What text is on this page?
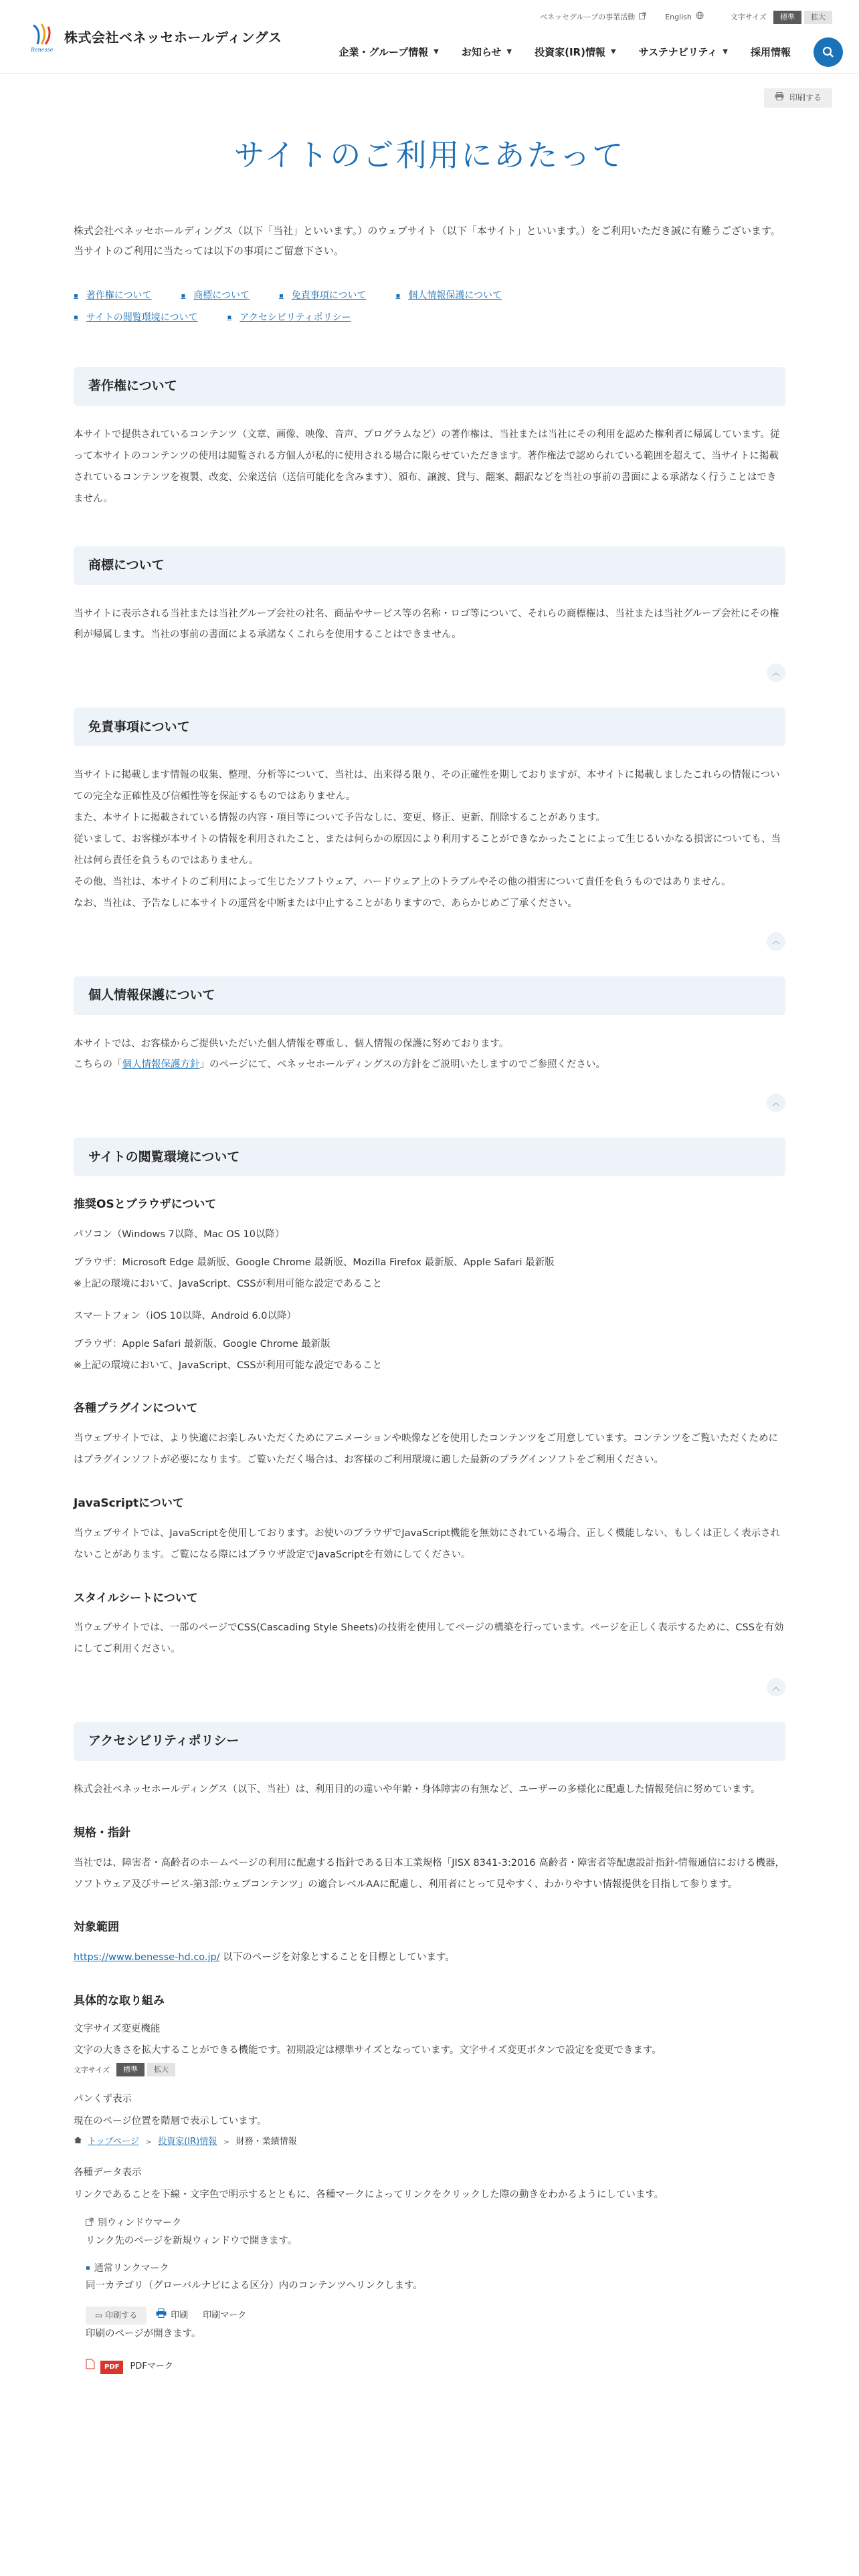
Benesse
株式会社ベネッセホールディングス
ベネッセグループの事業活動	English	文字サイズ	標準	拡大
企業・グループ情報 ▼ お知らせ ▼ 投資家(IR)情報 ▼ サステナビリティ ▼ 採用情報
印刷する
サイトのご利用にあたって

株式会社ベネッセホールディングス（以下「当社」といいます。）のウェブサイト（以下「本サイト」といいます。）をご利用いただき誠に有難うございます。当サイトのご利用に当たっては以下の事項にご留意下さい。

▪ 著作権について	▪ 商標について	▪ 免責事項について	▪ 個人情報保護について
▪ サイトの閲覧環境について	▪ アクセシビリティポリシー
著作権について

本サイトで提供されているコンテンツ（文章、画像、映像、音声、プログラムなど）の著作権は、当社または当社にその利用を認めた権利者に帰属しています。従って本サイトのコンテンツの使用は閲覧される方個人が私的に使用される場合に限らせていただきます。著作権法で認められている範囲を超えて、当サイトに掲載されているコンテンツを複製、改変、公衆送信（送信可能化を含みます）、頒布、譲渡、貸与、翻案、翻訳などを当社の事前の書面による承諾なく行うことはできません。

商標について

当サイトに表示される当社または当社グループ会社の社名、商品やサービス等の名称・ロゴ等について、それらの商標権は、当社または当社グループ会社にその権利が帰属します。当社の事前の書面による承諾なくこれらを使用することはできません。

︿
免責事項について

当サイトに掲載します情報の収集、整理、分析等について、当社は、出来得る限り、その正確性を期しておりますが、本サイトに掲載しましたこれらの情報についての完全な正確性及び信頼性等を保証するものではありません。

また、本サイトに掲載されている情報の内容・項目等について予告なしに、変更、修正、更新、削除することがあります。

従いまして、お客様が本サイトの情報を利用されたこと、または何らかの原因により利用することができなかったことによって生じるいかなる損害についても、当社は何ら責任を負うものではありません。

その他、当社は、本サイトのご利用によって生じたソフトウェア、ハードウェア上のトラブルやその他の損害について責任を負うものではありません。

なお、当社は、予告なしに本サイトの運営を中断または中止することがありますので、あらかじめご了承ください。

︿
個人情報保護について

本サイトでは、お客様からご提供いただいた個人情報を尊重し、個人情報の保護に努めております。

こちらの「個人情報保護方針」のページにて、ベネッセホールディングスの方針をご説明いたしますのでご参照ください。

︿
サイトの閲覧環境について
推奨OSとブラウザについて

パソコン（Windows 7以降、Mac OS 10以降）

ブラウザ：Microsoft Edge 最新版、Google Chrome 最新版、Mozilla Firefox 最新版、Apple Safari 最新版

※上記の環境において、JavaScript、CSSが利用可能な設定であること

スマートフォン（iOS 10以降、Android 6.0以降）

ブラウザ：Apple Safari 最新版、Google Chrome 最新版

※上記の環境において、JavaScript、CSSが利用可能な設定であること

各種プラグインについて

当ウェブサイトでは、より快適にお楽しみいただくためにアニメーションや映像などを使用したコンテンツをご用意しています。コンテンツをご覧いただくためにはプラグインソフトが必要になります。ご覧いただく場合は、お客様のご利用環境に適した最新のプラグインソフトをご利用ください。

JavaScriptについて

当ウェブサイトでは、JavaScriptを使用しております。お使いのブラウザでJavaScript機能を無効にされている場合、正しく機能しない、もしくは正しく表示されないことがあります。ご覧になる際にはブラウザ設定でJavaScriptを有効にしてください。

スタイルシートについて

当ウェブサイトでは、一部のページでCSS(Cascading Style Sheets)の技術を使用してページの構築を行っています。ページを正しく表示するために、CSSを有効にしてご利用ください。

︿
アクセシビリティポリシー

株式会社ベネッセホールディングス（以下、当社）は、利用目的の違いや年齢・身体障害の有無など、ユーザーの多様化に配慮した情報発信に努めています。

規格・指針

当社では、障害者・高齢者のホームページの利用に配慮する指針である日本工業規格「JISX 8341-3:2016 高齢者・障害者等配慮設計指針-情報通信における機器，ソフトウェア及びサービス-第3部:ウェブコンテンツ」の適合レベルAAに配慮し、利用者にとって見やすく、わかりやすい情報提供を目指して参ります。

対象範囲

https://www.benesse-hd.co.jp/ 以下のページを対象とすることを目標としています。

具体的な取り組み

文字サイズ変更機能

文字の大きさを拡大することができる機能です。初期設定は標準サイズとなっています。文字サイズ変更ボタンで設定を変更できます。

文字サイズ	標準	拡大

パンくず表示

現在のページ位置を階層で表示しています。

トップページ > 投資家(IR)情報 > 財務・業績情報

各種データ表示

リンクであることを下線・文字色で明示するとともに、各種マークによってリンクをクリックした際の動きをわかるようにしています。

別ウィンドウマーク

リンク先のページを新規ウィンドウで開きます。

▪ 通常リンクマーク

同一カテゴリ（グローバルナビによる区分）内のコンテンツへリンクします。

▭ 印刷する	印刷 印刷マーク

印刷のページが開きます。

PDF	PDFマーク
